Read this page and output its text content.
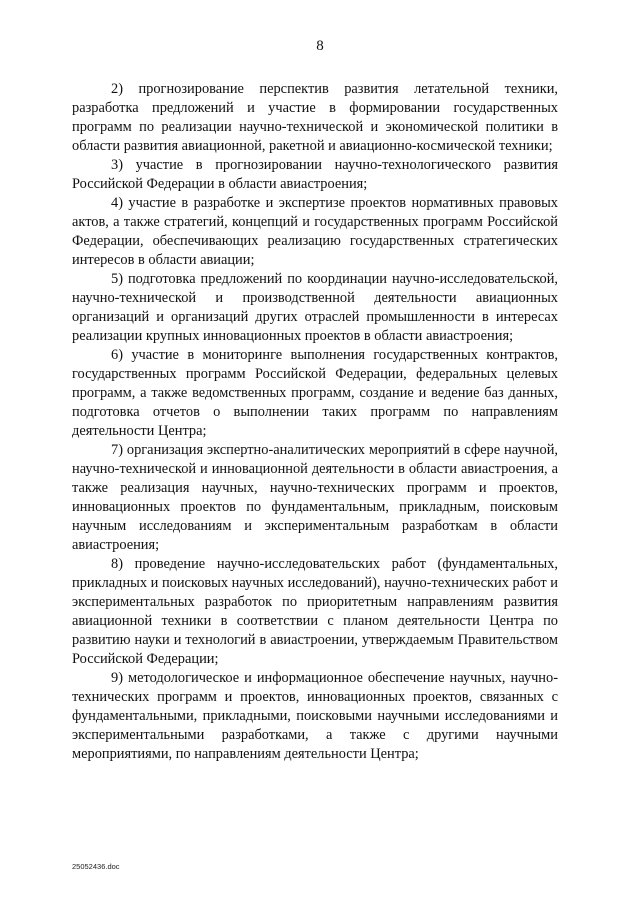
8

2) прогнозирование перспектив развития летательной техники, разработка предложений и участие в формировании государственных программ по реализации научно-технической и экономической политики в области развития авиационной, ракетной и авиационно-космической техники;

3) участие в прогнозировании научно-технологического развития Российской Федерации в области авиастроения;

4) участие в разработке и экспертизе проектов нормативных правовых актов, а также стратегий, концепций и государственных программ Российской Федерации, обеспечивающих реализацию государственных стратегических интересов в области авиации;

5) подготовка предложений по координации научно-исследовательской, научно-технической и производственной деятельности авиационных организаций и организаций других отраслей промышленности в интересах реализации крупных инновационных проектов в области авиастроения;

6) участие в мониторинге выполнения государственных контрактов, государственных программ Российской Федерации, федеральных целевых программ, а также ведомственных программ, создание и ведение баз данных, подготовка отчетов о выполнении таких программ по направлениям деятельности Центра;

7) организация экспертно-аналитических мероприятий в сфере научной, научно-технической и инновационной деятельности в области авиастроения, а также реализация научных, научно-технических программ и проектов, инновационных проектов по фундаментальным, прикладным, поисковым научным исследованиям и экспериментальным разработкам в области авиастроения;

8) проведение научно-исследовательских работ (фундаментальных, прикладных и поисковых научных исследований), научно-технических работ и экспериментальных разработок по приоритетным направлениям развития авиационной техники в соответствии с планом деятельности Центра по развитию науки и технологий в авиастроении, утверждаемым Правительством Российской Федерации;

9) методологическое и информационное обеспечение научных, научно-технических программ и проектов, инновационных проектов, связанных с фундаментальными, прикладными, поисковыми научными исследованиями и экспериментальными разработками, а также с другими научными мероприятиями, по направлениям деятельности Центра;

25052436.doc
